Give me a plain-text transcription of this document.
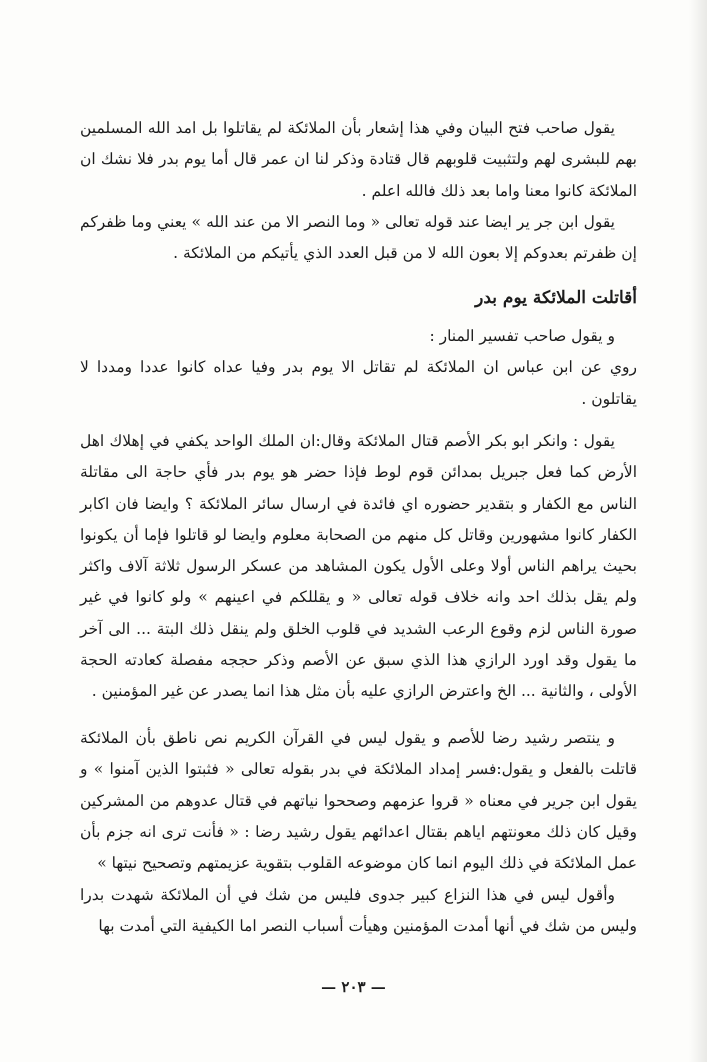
يقول صاحب فتح البيان وفي هذا إشعار بأن الملائكة لم يقاتلوا بل امد الله المسلمين بهم للبشرى لهم ولتثبيت قلوبهم قال قتادة وذكر لنا ان عمر قال أما يوم بدر فلا نشك ان الملائكة كانوا معنا واما بعد ذلك فالله اعلم .

يقول ابن جر ير ايضا عند قوله تعالى « وما النصر الا من عند الله » يعني وما ظفركم إن ظفرتم بعدوكم إلا بعون الله لا من قبل العدد الذي يأتيكم من الملائكة .

أقاتلت الملائكة يوم بدر

و يقول صاحب تفسير المنار :

روي عن ابن عباس ان الملائكة لم تقاتل الا يوم بدر وفيا عداه كانوا عددا ومددا لا يقاتلون .

يقول : وانكر ابو بكر الأصم قتال الملائكة وقال:ان الملك الواحد يكفي في إهلاك اهل الأرض كما فعل جبريل بمدائن قوم لوط فإذا حضر هو يوم بدر فأي حاجة الى مقاتلة الناس مع الكفار و بتقدير حضوره اي فائدة في ارسال سائر الملائكة ؟ وايضا فان اكابر الكفار كانوا مشهورين وقاتل كل منهم من الصحابة معلوم وايضا لو قاتلوا فإما أن يكونوا بحيث يراهم الناس أولا وعلى الأول يكون المشاهد من عسكر الرسول ثلاثة آلاف واكثر ولم يقل بذلك احد وانه خلاف قوله تعالى « و يقللكم في اعينهم » ولو كانوا في غير صورة الناس لزم وقوع الرعب الشديد في قلوب الخلق ولم ينقل ذلك البتة ... الى آخر ما يقول وقد اورد الرازي هذا الذي سبق عن الأصم وذكر حججه مفصلة كعادته الحجة الأولى ، والثانية ... الخ واعترض الرازي عليه بأن مثل هذا انما يصدر عن غير المؤمنين .

و ينتصر رشيد رضا للأصم و يقول ليس في القرآن الكريم نص ناطق بأن الملائكة قاتلت بالفعل و يقول:فسر إمداد الملائكة في بدر بقوله تعالى « فثبتوا الذين آمنوا » و يقول ابن جرير في معناه « قروا عزمهم وصححوا نياتهم في قتال عدوهم من المشركين وقيل كان ذلك معونتهم اياهم بقتال اعدائهم يقول رشيد رضا : « فأنت ترى انه جزم بأن عمل الملائكة في ذلك اليوم انما كان موضوعه القلوب بتقوية عزيمتهم وتصحيح نيتها »

وأقول ليس في هذا النزاع كبير جدوى فليس من شك في أن الملائكة شهدت بدرا وليس من شك في أنها أمدت المؤمنين وهيأت أسباب النصر اما الكيفية التي أمدت بها

— ٢٠٣ —
